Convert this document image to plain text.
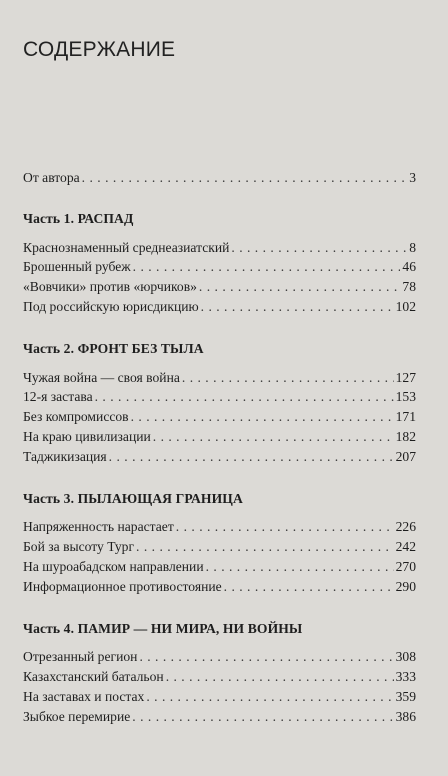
СОДЕРЖАНИЕ
От автора . . .	3
Часть 1. РАСПАД
Краснознаменный среднеазиатский . . .	8
Брошенный рубеж . . .	46
«Вовчики» против «юрчиков» . . .	78
Под российскую юрисдикцию . . .	102
Часть 2. ФРОНТ БЕЗ ТЫЛА
Чужая война — своя война . . .	127
12-я застава . . .	153
Без компромиссов . . .	171
На краю цивилизации . . .	182
Таджикизация . . .	207
Часть 3. ПЫЛАЮЩАЯ ГРАНИЦА
Напряженность нарастает . . .	226
Бой за высоту Тург . . .	242
На шуроабадском направлении . . .	270
Информационное противостояние . . .	290
Часть 4. ПАМИР — НИ МИРА, НИ ВОЙНЫ
Отрезанный регион . . .	308
Казахстанский батальон . . .	333
На заставах и постах . . .	359
Зыбкое перемирие . . .	386
